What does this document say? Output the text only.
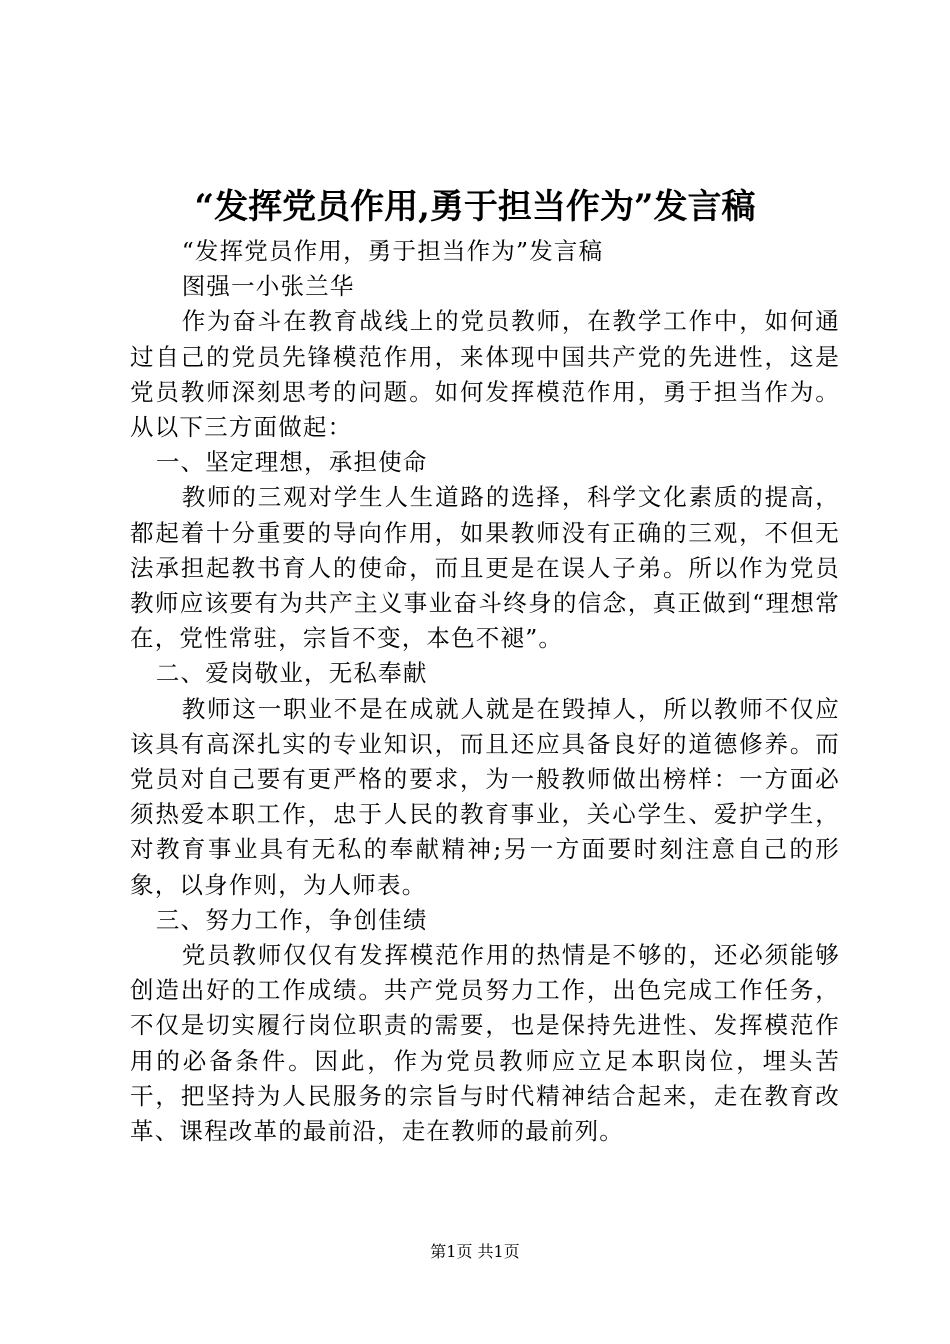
“发挥党员作用,勇于担当作为”发言稿

“发挥党员作用，勇于担当作为”发言稿

图强一小张兰华

作为奋斗在教育战线上的党员教师，在教学工作中，如何通过自己的党员先锋模范作用，来体现中国共产党的先进性，这是党员教师深刻思考的问题。如何发挥模范作用，勇于担当作为。从以下三方面做起：

一、坚定理想，承担使命

教师的三观对学生人生道路的选择，科学文化素质的提高，都起着十分重要的导向作用，如果教师没有正确的三观，不但无法承担起教书育人的使命，而且更是在误人子弟。所以作为党员教师应该要有为共产主义事业奋斗终身的信念，真正做到“理想常在，党性常驻，宗旨不变，本色不褪”。

二、爱岗敬业，无私奉献

教师这一职业不是在成就人就是在毁掉人，所以教师不仅应该具有高深扎实的专业知识，而且还应具备良好的道德修养。而党员对自己要有更严格的要求，为一般教师做出榜样：一方面必须热爱本职工作，忠于人民的教育事业，关心学生、爱护学生，对教育事业具有无私的奉献精神;另一方面要时刻注意自己的形象，以身作则，为人师表。

三、努力工作，争创佳绩

党员教师仅仅有发挥模范作用的热情是不够的，还必须能够创造出好的工作成绩。共产党员努力工作，出色完成工作任务，不仅是切实履行岗位职责的需要，也是保持先进性、发挥模范作用的必备条件。因此，作为党员教师应立足本职岗位，埋头苦干，把坚持为人民服务的宗旨与时代精神结合起来，走在教育改革、课程改革的最前沿，走在教师的最前列。

第1页 共1页
